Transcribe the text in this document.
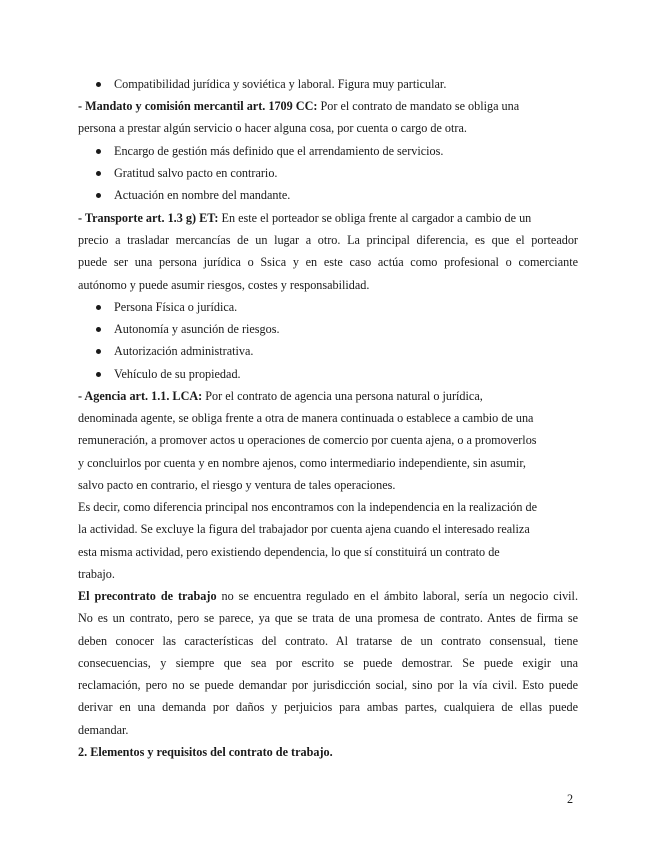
Compatibilidad jurídica y soviética y laboral. Figura muy particular.
- Mandato y comisión mercantil art. 1709 CC: Por el contrato de mandato se obliga una
persona a prestar algún servicio o hacer alguna cosa, por cuenta o cargo de otra.
Encargo de gestión más definido que el arrendamiento de servicios.
Gratitud salvo pacto en contrario.
Actuación en nombre del mandante.
- Transporte art. 1.3 g) ET: En este el porteador se obliga frente al cargador a cambio de un
precio a trasladar mercancías de un lugar a otro. La principal diferencia, es que el porteador
puede ser una persona jurídica o Ssica y en este caso actúa como profesional o comerciante
autónomo y puede asumir riesgos, costes y responsabilidad.
Persona Física o jurídica.
Autonomía y asunción de riesgos.
Autorización administrativa.
Vehículo de su propiedad.
- Agencia art. 1.1. LCA: Por el contrato de agencia una persona natural o jurídica,
denominada agente, se obliga frente a otra de manera continuada o establece a cambio de una
remuneración, a promover actos u operaciones de comercio por cuenta ajena, o a promoverlos
y concluirlos por cuenta y en nombre ajenos, como intermediario independiente, sin asumir,
salvo pacto en contrario, el riesgo y ventura de tales operaciones.
Es decir, como diferencia principal nos encontramos con la independencia en la realización de
la actividad. Se excluye la figura del trabajador por cuenta ajena cuando el interesado realiza
esta misma actividad, pero existiendo dependencia, lo que sí constituirá un contrato de
trabajo.
El precontrato de trabajo no se encuentra regulado en el ámbito laboral, sería un negocio civil.
No es un contrato, pero se parece, ya que se trata de una promesa de contrato. Antes de firma se
deben conocer las características del contrato. Al tratarse de un contrato consensual, tiene
consecuencias, y siempre que sea por escrito se puede demostrar. Se puede exigir una
reclamación, pero no se puede demandar por jurisdicción social, sino por la vía civil. Esto puede
derivar en una demanda por daños y perjuicios para ambas partes, cualquiera de ellas puede
demandar.
2. Elementos y requisitos del contrato de trabajo.
2
